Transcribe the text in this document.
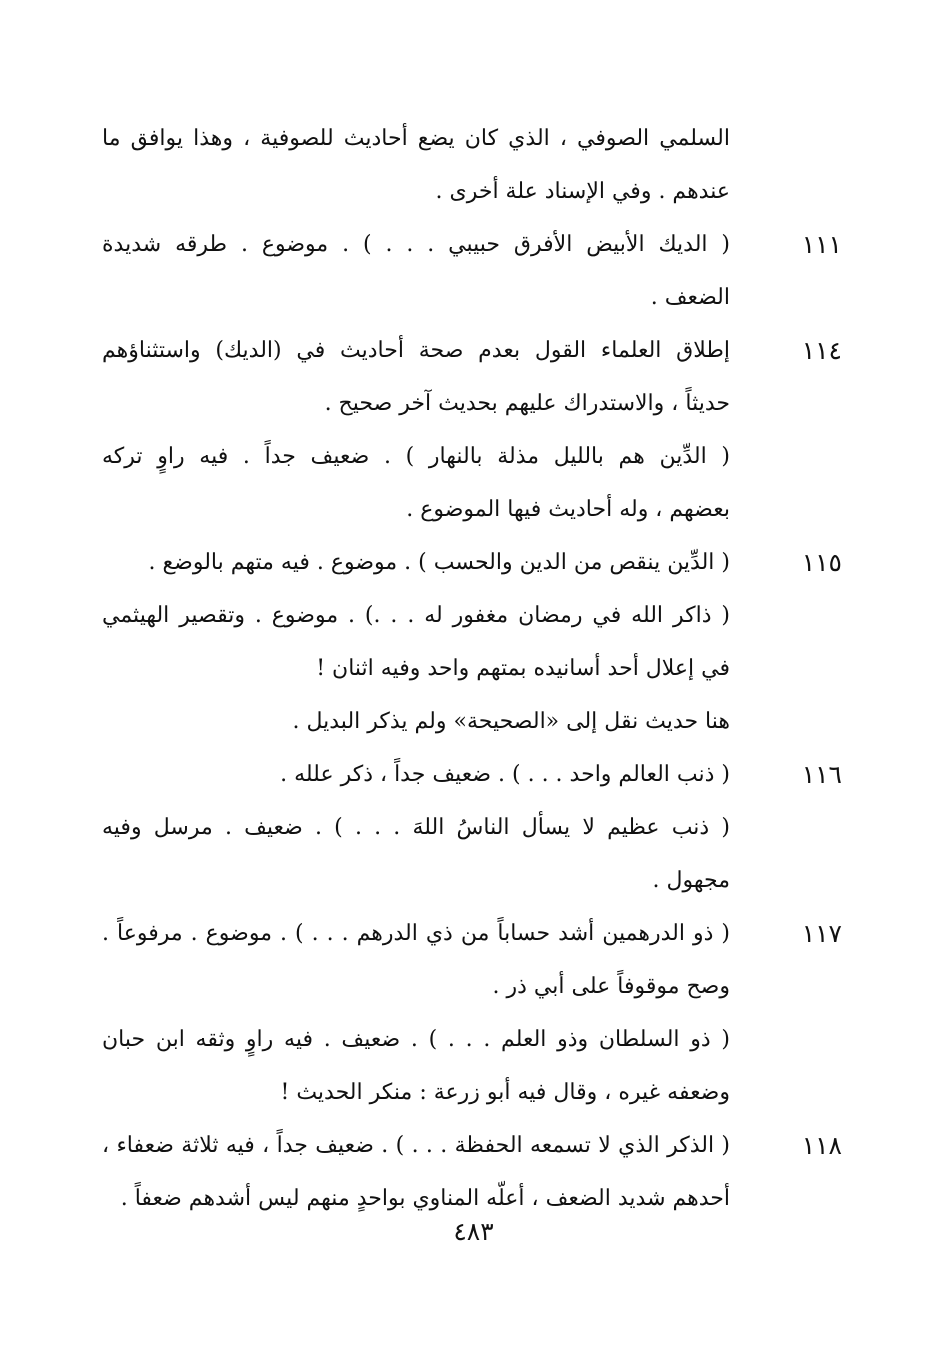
السلمي الصوفي ، الذي كان يضع أحاديث للصوفية ، وهذا يوافق ما
عندهم . وفي الإسناد علة أخرى .
١١١
( الديك الأبيض الأفرق حبيبي . . . ) . موضوع . طرقه شديدة
الضعف .
١١٤
إطلاق العلماء القول بعدم صحة أحاديث في (الديك) واستثناؤهم
حديثاً ، والاستدراك عليهم بحديث آخر صحيح .
( الدِّين هم بالليل مذلة بالنهار ) . ضعيف جداً . فيه راوٍ تركه
بعضهم ، وله أحاديث فيها الموضوع .
١١٥
( الدِّين ينقص من الدين والحسب ) . موضوع . فيه متهم بالوضع .
( ذاكر الله في رمضان مغفور له . . .) . موضوع . وتقصير الهيثمي
في إعلال أحد أسانيده بمتهم واحد وفيه اثنان !
هنا حديث نقل إلى «الصحيحة» ولم يذكر البديل .
١١٦
( ذنب العالم واحد . . . ) . ضعيف جداً ، ذكر علله .
( ذنب عظيم لا يسأل الناسُ اللهَ . . . ) . ضعيف . مرسل وفيه
مجهول .
١١٧
( ذو الدرهمين أشد حساباً من ذي الدرهم . . . ) . موضوع . مرفوعاً .
وصح موقوفاً على أبي ذر .
( ذو السلطان وذو العلم . . . ) . ضعيف . فيه راوٍ وثقه ابن حبان
وضعفه غيره ، وقال فيه أبو زرعة : منكر الحديث !
١١٨
( الذكر الذي لا تسمعه الحفظة . . . ) . ضعيف جداً ، فيه ثلاثة ضعفاء ،
أحدهم شديد الضعف ، أعلّه المناوي بواحدٍ منهم ليس أشدهم ضعفاً .
٤٨٣
